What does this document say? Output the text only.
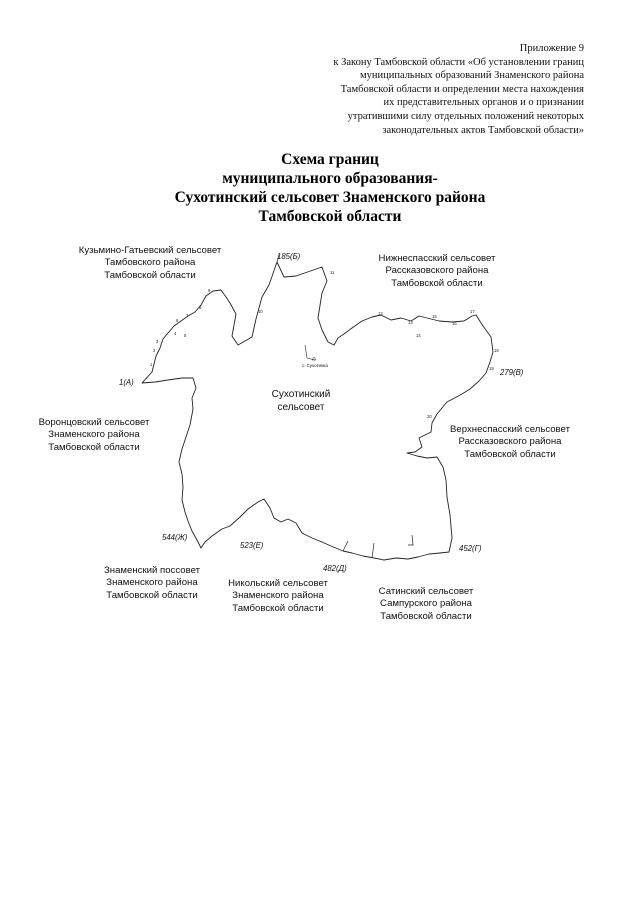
Приложение 9
к Закону Тамбовской области «Об установлении границ
муниципальных образований Знаменского района
Тамбовской области и определении места нахождения
их представительных органов и о признании
утратившими силу отдельных положений некоторых
законодательных актов Тамбовской области»
Схема границ
муниципального образования-
Сухотинский сельсовет Знаменского района
Тамбовской области
1
2
3
4 5
6
7
8
9
10
11
12
13
14
15
16
17
18
19
20
1(А)
185(Б)
279(В)
452(Г)
482(Д)
523(Е)
544(Ж)
с. Сухотинка
Сухотинский
сельсовет
Кузьмино-Гатьевский сельсовет
Тамбовского района
Тамбовской области
Нижнеспасский сельсовет
Рассказовского района
Тамбовской области
Воронцовский сельсовет
Знаменского района
Тамбовской области
Верхнеспасский сельсовет
Рассказовского района
Тамбовской области
Знаменский поссовет
Знаменского района
Тамбовской области
Никольский сельсовет
Знаменского района
Тамбовской области
Сатинский сельсовет
Сампурского района
Тамбовской области
